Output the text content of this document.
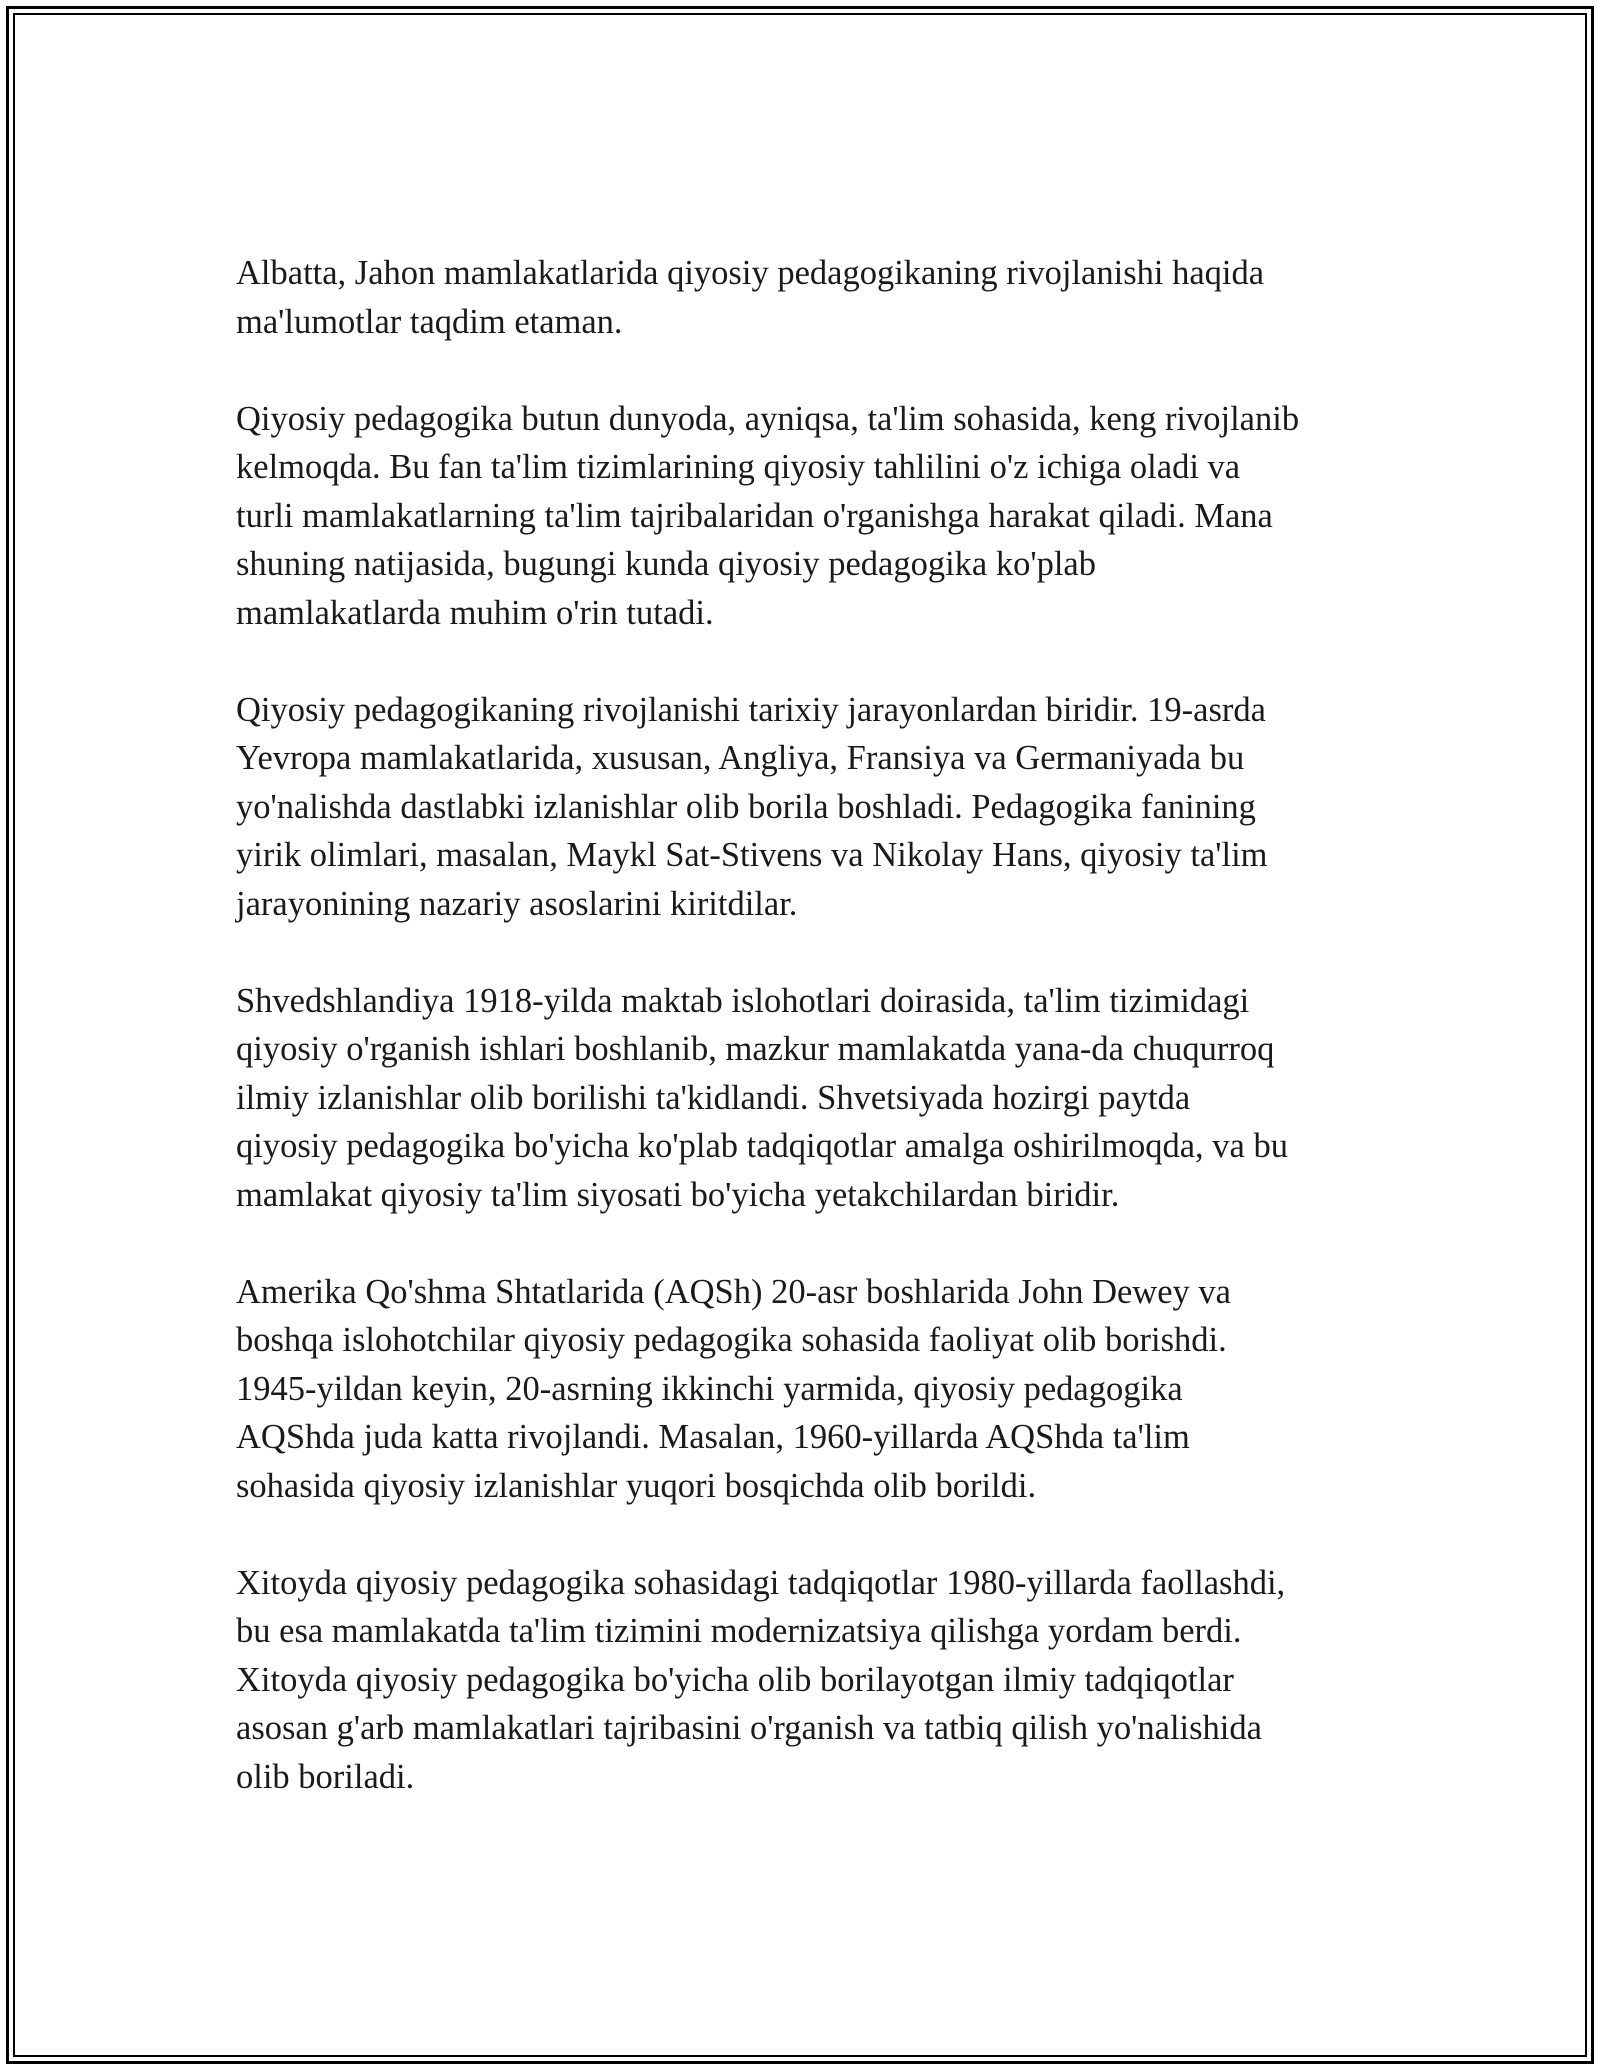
Albatta, Jahon mamlakatlarida qiyosiy pedagogikaning rivojlanishi haqida
ma'lumotlar taqdim etaman.

Qiyosiy pedagogika butun dunyoda, ayniqsa, ta'lim sohasida, keng rivojlanib
kelmoqda. Bu fan ta'lim tizimlarining qiyosiy tahlilini o'z ichiga oladi va
turli mamlakatlarning ta'lim tajribalaridan o'rganishga harakat qiladi. Mana
shuning natijasida, bugungi kunda qiyosiy pedagogika ko'plab
mamlakatlarda muhim o'rin tutadi.

Qiyosiy pedagogikaning rivojlanishi tarixiy jarayonlardan biridir. 19-asrda
Yevropa mamlakatlarida, xususan, Angliya, Fransiya va Germaniyada bu
yo'nalishda dastlabki izlanishlar olib borila boshladi. Pedagogika fanining
yirik olimlari, masalan, Maykl Sat-Stivens va Nikolay Hans, qiyosiy ta'lim
jarayonining nazariy asoslarini kiritdilar.

Shvedshlandiya 1918-yilda maktab islohotlari doirasida, ta'lim tizimidagi
qiyosiy o'rganish ishlari boshlanib, mazkur mamlakatda yana-da chuqurroq
ilmiy izlanishlar olib borilishi ta'kidlandi. Shvetsiyada hozirgi paytda
qiyosiy pedagogika bo'yicha ko'plab tadqiqotlar amalga oshirilmoqda, va bu
mamlakat qiyosiy ta'lim siyosati bo'yicha yetakchilardan biridir.

Amerika Qo'shma Shtatlarida (AQSh) 20-asr boshlarida John Dewey va
boshqa islohotchilar qiyosiy pedagogika sohasida faoliyat olib borishdi.
1945-yildan keyin, 20-asrning ikkinchi yarmida, qiyosiy pedagogika
AQShda juda katta rivojlandi. Masalan, 1960-yillarda AQShda ta'lim
sohasida qiyosiy izlanishlar yuqori bosqichda olib borildi.

Xitoyda qiyosiy pedagogika sohasidagi tadqiqotlar 1980-yillarda faollashdi,
bu esa mamlakatda ta'lim tizimini modernizatsiya qilishga yordam berdi.
Xitoyda qiyosiy pedagogika bo'yicha olib borilayotgan ilmiy tadqiqotlar
asosan g'arb mamlakatlari tajribasini o'rganish va tatbiq qilish yo'nalishida
olib boriladi.
